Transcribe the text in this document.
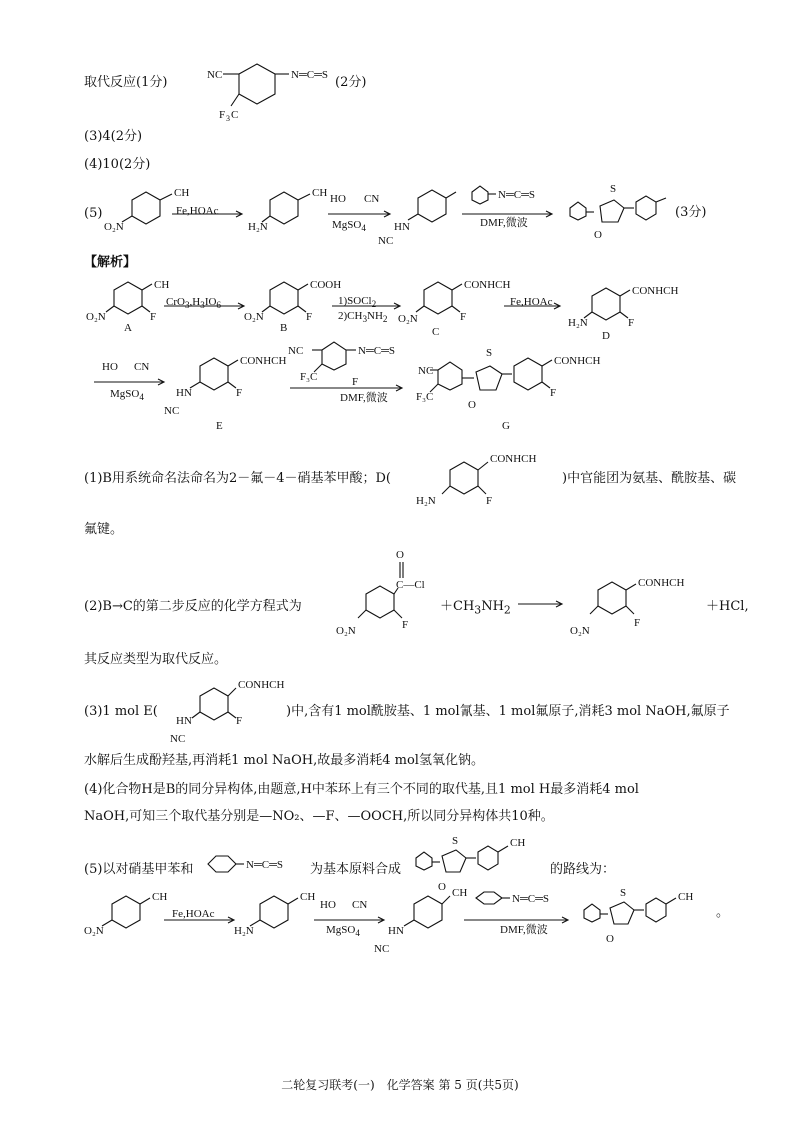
取代反应(1分)	NC	N═C═S
F 3 C
(2分)
(3)4(2分)
(4)10(2分)
(5)
CH
O₂N
CH
H₂N
HO CN
HN
NC
N═C═S	S
O
Fe,HOAc
MgSO$_4$	DMF,微波
(3分)
【解析】
CH
F
O₂N
COOH
F
O₂N
CONHCH
F
O₂N
CONHCH
F
H₂N
$CrO_3,H_3IO_6$	1)SOCl$_2$
$2)CH_3NH_2$
Fe,HOAc
A	B	C	D
HO CN	CONHCH
F
HN
NC
NC	N═C═S
F₃C	NC
F₃C
S
CONHCH
F
O
MgSO$_4$
F
DMF,微波
E	G
(1)B用系统命名法命名为2－氟－4－硝基苯甲酸；D(
CONHCH
F
H₂N
)中官能团为氨基、酰胺基、碳
氟键。
(2)B→C的第二步反应的化学方程式为
O
C—Cl
F
O₂N
$+CH_3NH_2$
CONHCH
F
O₂N
＋HCl,
其反应类型为取代反应。
(3)1 mol E(
CONHCH
F
HN
NC
)中,含有1 mol酰胺基、1 mol氰基、1 mol氟原子,消耗3 mol NaOH,氟原子
水解后生成酚羟基,再消耗1 mol NaOH,故最多消耗4 mol氢氧化钠。
(4)化合物H是B的同分异构体,由题意,H中苯环上有三个不同的取代基,且1 mol H最多消耗4 mol
NaOH,可知三个取代基分别是—NO₂、—F、—OOCH,所以同分异构体共10种。
(5)以对硝基甲苯和	N═C═S 为基本原料合成
S	CH
O
的路线为：
CH
O₂N
CH
H₂N
HO CN
CH
HN
NC
N═C═S	S	CH
O
Fe,HOAc
MgSO$_4$	DMF,微波
。
二轮复习联考(一)　化学答案 第 5 页(共5页)
